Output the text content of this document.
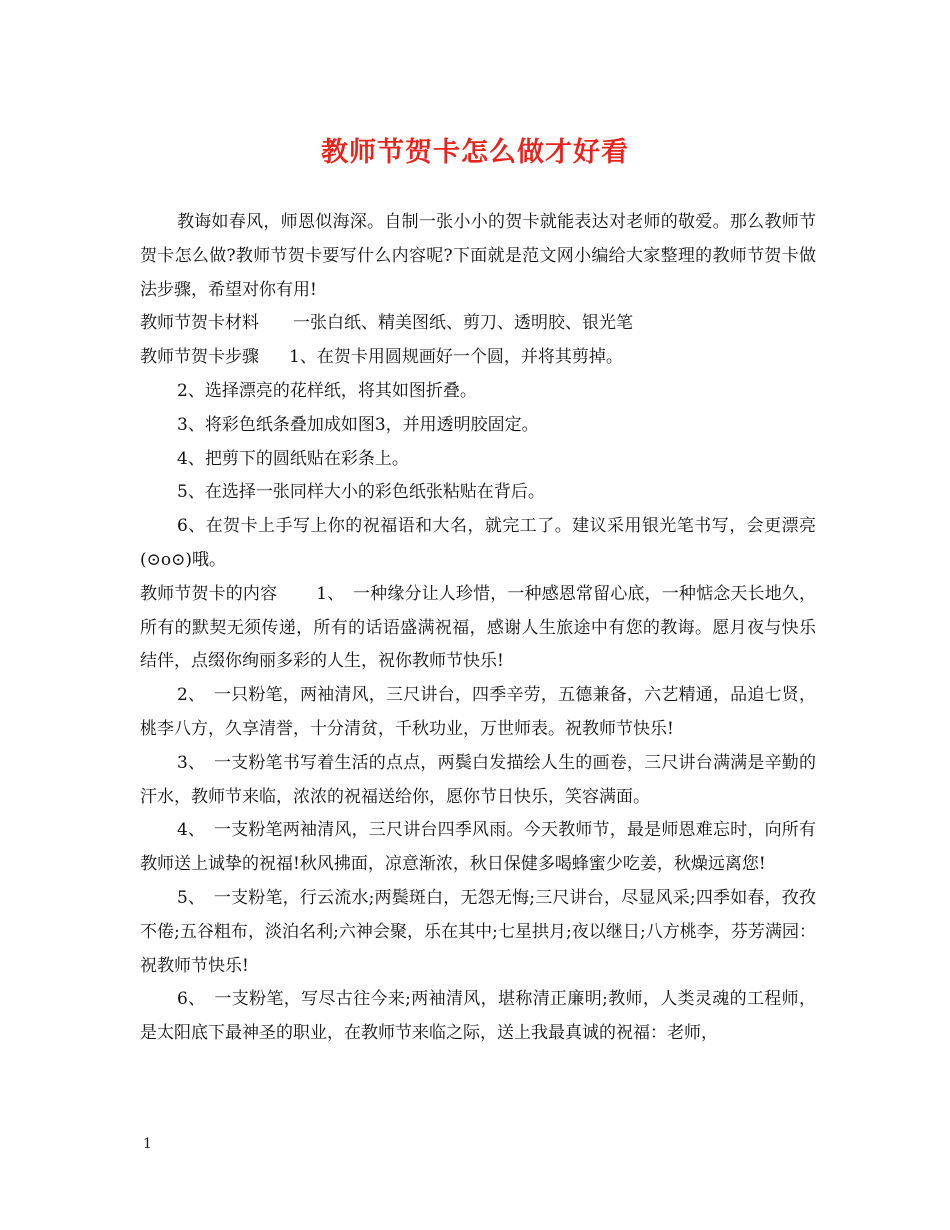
教师节贺卡怎么做才好看

教诲如春风，师恩似海深。自制一张小小的贺卡就能表达对老师的敬爱。那么教师节贺卡怎么做?教师节贺卡要写什么内容呢?下面就是范文网小编给大家整理的教师节贺卡做法步骤，希望对你有用!

教师节贺卡材料 一张白纸、精美图纸、剪刀、透明胶、银光笔

教师节贺卡步骤 1、在贺卡用圆规画好一个圆，并将其剪掉。

2、选择漂亮的花样纸，将其如图折叠。

3、将彩色纸条叠加成如图3，并用透明胶固定。

4、把剪下的圆纸贴在彩条上。

5、在选择一张同样大小的彩色纸张粘贴在背后。

6、在贺卡上手写上你的祝福语和大名，就完工了。建议采用银光笔书写，会更漂亮(⊙o⊙)哦。

教师节贺卡的内容 1、　 一种缘分让人珍惜，一种感恩常留心底，一种惦念天长地久，所有的默契无须传递，所有的话语盛满祝福，感谢人生旅途中有您的教诲。愿月夜与快乐结伴，点缀你绚丽多彩的人生，祝你教师节快乐!

2、　一只粉笔，两袖清风，三尺讲台，四季辛劳，五德兼备，六艺精通，品追七贤，桃李八方，久享清誉，十分清贫，千秋功业，万世师表。祝教师节快乐!

3、　一支粉笔书写着生活的点点，两鬓白发描绘人生的画卷，三尺讲台满满是辛勤的汗水，教师节来临，浓浓的祝福送给你，愿你节日快乐，笑容满面。

4、　一支粉笔两袖清风，三尺讲台四季风雨。今天教师节，最是师恩难忘时，向所有教师送上诚挚的祝福!秋风拂面，凉意渐浓，秋日保健多喝蜂蜜少吃姜，秋燥远离您!

5、　一支粉笔，行云流水;两鬓斑白，无怨无悔;三尺讲台，尽显风采;四季如春，孜孜不倦;五谷粗布，淡泊名利;六神会聚，乐在其中;七星拱月;夜以继日;八方桃李，芬芳满园：祝教师节快乐!

6、　一支粉笔，写尽古往今来;两袖清风，堪称清正廉明;教师，人类灵魂的工程师，是太阳底下最神圣的职业，在教师节来临之际，送上我最真诚的祝福：老师，

1
